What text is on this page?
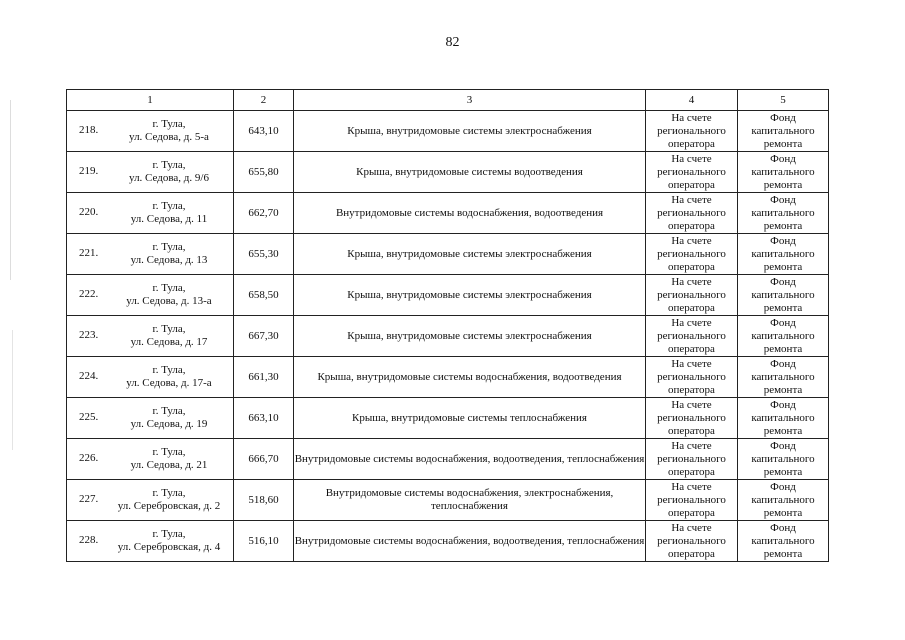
82
1	2	3	4	5

218. г. Тула,
ул. Седова, д. 5-а	643,10	Крыша, внутридомовые системы электроснабжения	На счете регионального оператора	Фонд капитального ремонта

219. г. Тула,
ул. Седова, д. 9/6	655,80	Крыша, внутридомовые системы водоотведения	На счете регионального оператора	Фонд капитального ремонта

220. г. Тула,
ул. Седова, д. 11	662,70	Внутридомовые системы водоснабжения, водоотведения	На счете регионального оператора	Фонд капитального ремонта

221. г. Тула,
ул. Седова, д. 13	655,30	Крыша, внутридомовые системы электроснабжения	На счете регионального оператора	Фонд капитального ремонта

222. г. Тула,
ул. Седова, д. 13-а	658,50	Крыша, внутридомовые системы электроснабжения	На счете регионального оператора	Фонд капитального ремонта

223. г. Тула,
ул. Седова, д. 17	667,30	Крыша, внутридомовые системы электроснабжения	На счете регионального оператора	Фонд капитального ремонта

224. г. Тула,
ул. Седова, д. 17-а	661,30	Крыша, внутридомовые системы водоснабжения, водоотведения	На счете регионального оператора	Фонд капитального ремонта

225. г. Тула,
ул. Седова, д. 19	663,10	Крыша, внутридомовые системы теплоснабжения	На счете регионального оператора	Фонд капитального ремонта

226. г. Тула,
ул. Седова, д. 21	666,70	Внутридомовые системы водоснабжения, водоотведения, теплоснабжения	На счете регионального оператора	Фонд капитального ремонта

227. г. Тула,
ул. Серебровская, д. 2	518,60	Внутридомовые системы водоснабжения, электроснабжения, теплоснабжения	На счете регионального оператора	Фонд капитального ремонта

228. г. Тула,
ул. Серебровская, д. 4	516,10	Внутридомовые системы водоснабжения, водоотведения, теплоснабжения	На счете регионального оператора	Фонд капитального ремонта
